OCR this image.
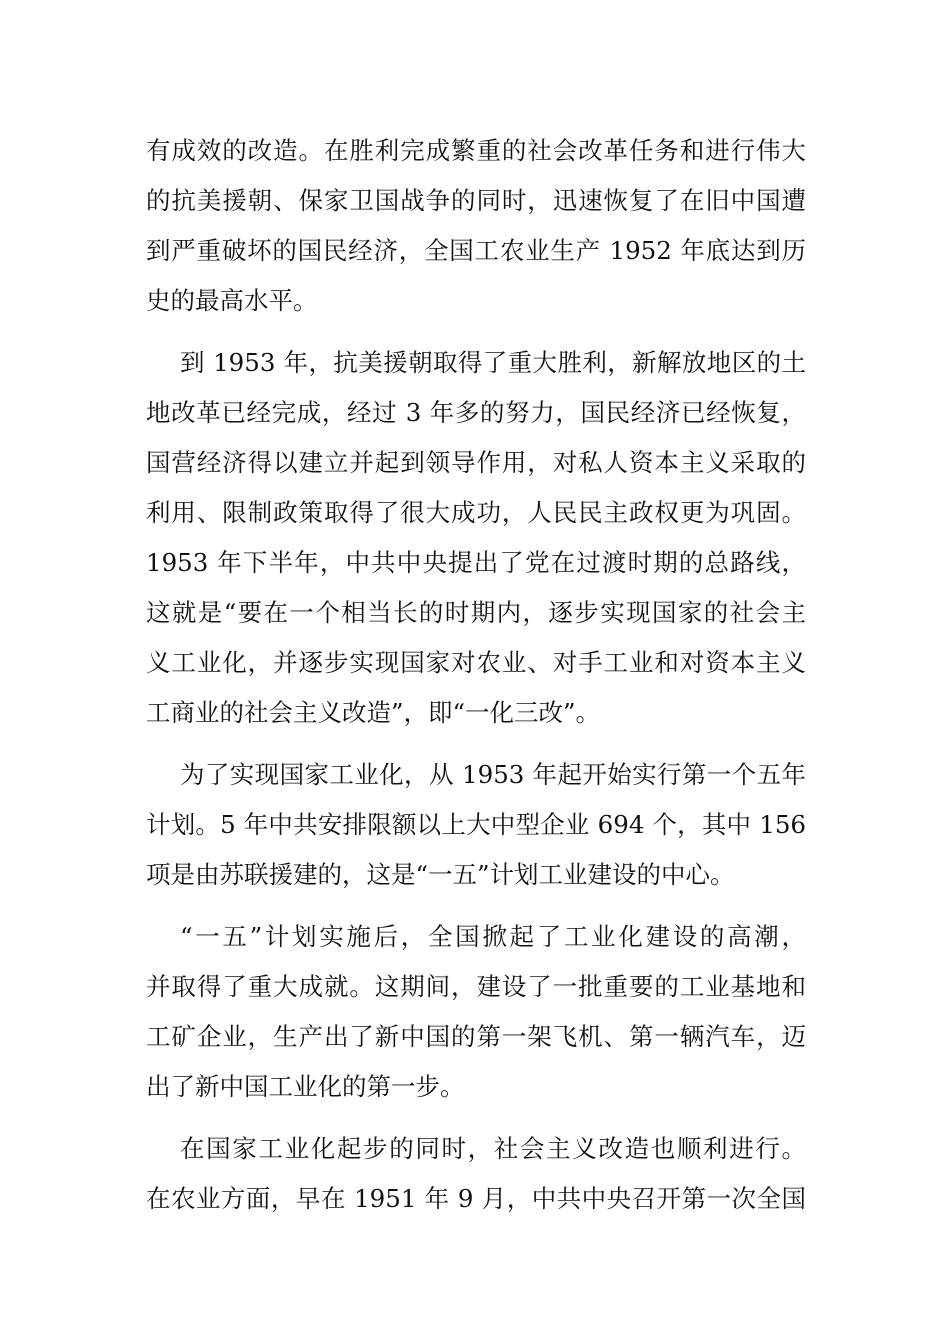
有成效的改造。在胜利完成繁重的社会改革任务和进行伟大
的抗美援朝、保家卫国战争的同时，迅速恢复了在旧中国遭
到严重破坏的国民经济，全国工农业生产 1952 年底达到历
史的最高水平。
到 1953 年，抗美援朝取得了重大胜利，新解放地区的土
地改革已经完成，经过 3 年多的努力，国民经济已经恢复，
国营经济得以建立并起到领导作用，对私人资本主义采取的
利用、限制政策取得了很大成功，人民民主政权更为巩固。
1953 年下半年，中共中央提出了党在过渡时期的总路线，
这就是“要在一个相当长的时期内，逐步实现国家的社会主
义工业化，并逐步实现国家对农业、对手工业和对资本主义
工商业的社会主义改造”，即“一化三改”。
为了实现国家工业化，从 1953 年起开始实行第一个五年
计划。5 年中共安排限额以上大中型企业 694 个，其中 156
项是由苏联援建的，这是“一五”计划工业建设的中心。
“一五”计划实施后，全国掀起了工业化建设的高潮，
并取得了重大成就。这期间，建设了一批重要的工业基地和
工矿企业，生产出了新中国的第一架飞机、第一辆汽车，迈
出了新中国工业化的第一步。
在国家工业化起步的同时，社会主义改造也顺利进行。
在农业方面，早在 1951 年 9 月，中共中央召开第一次全国
